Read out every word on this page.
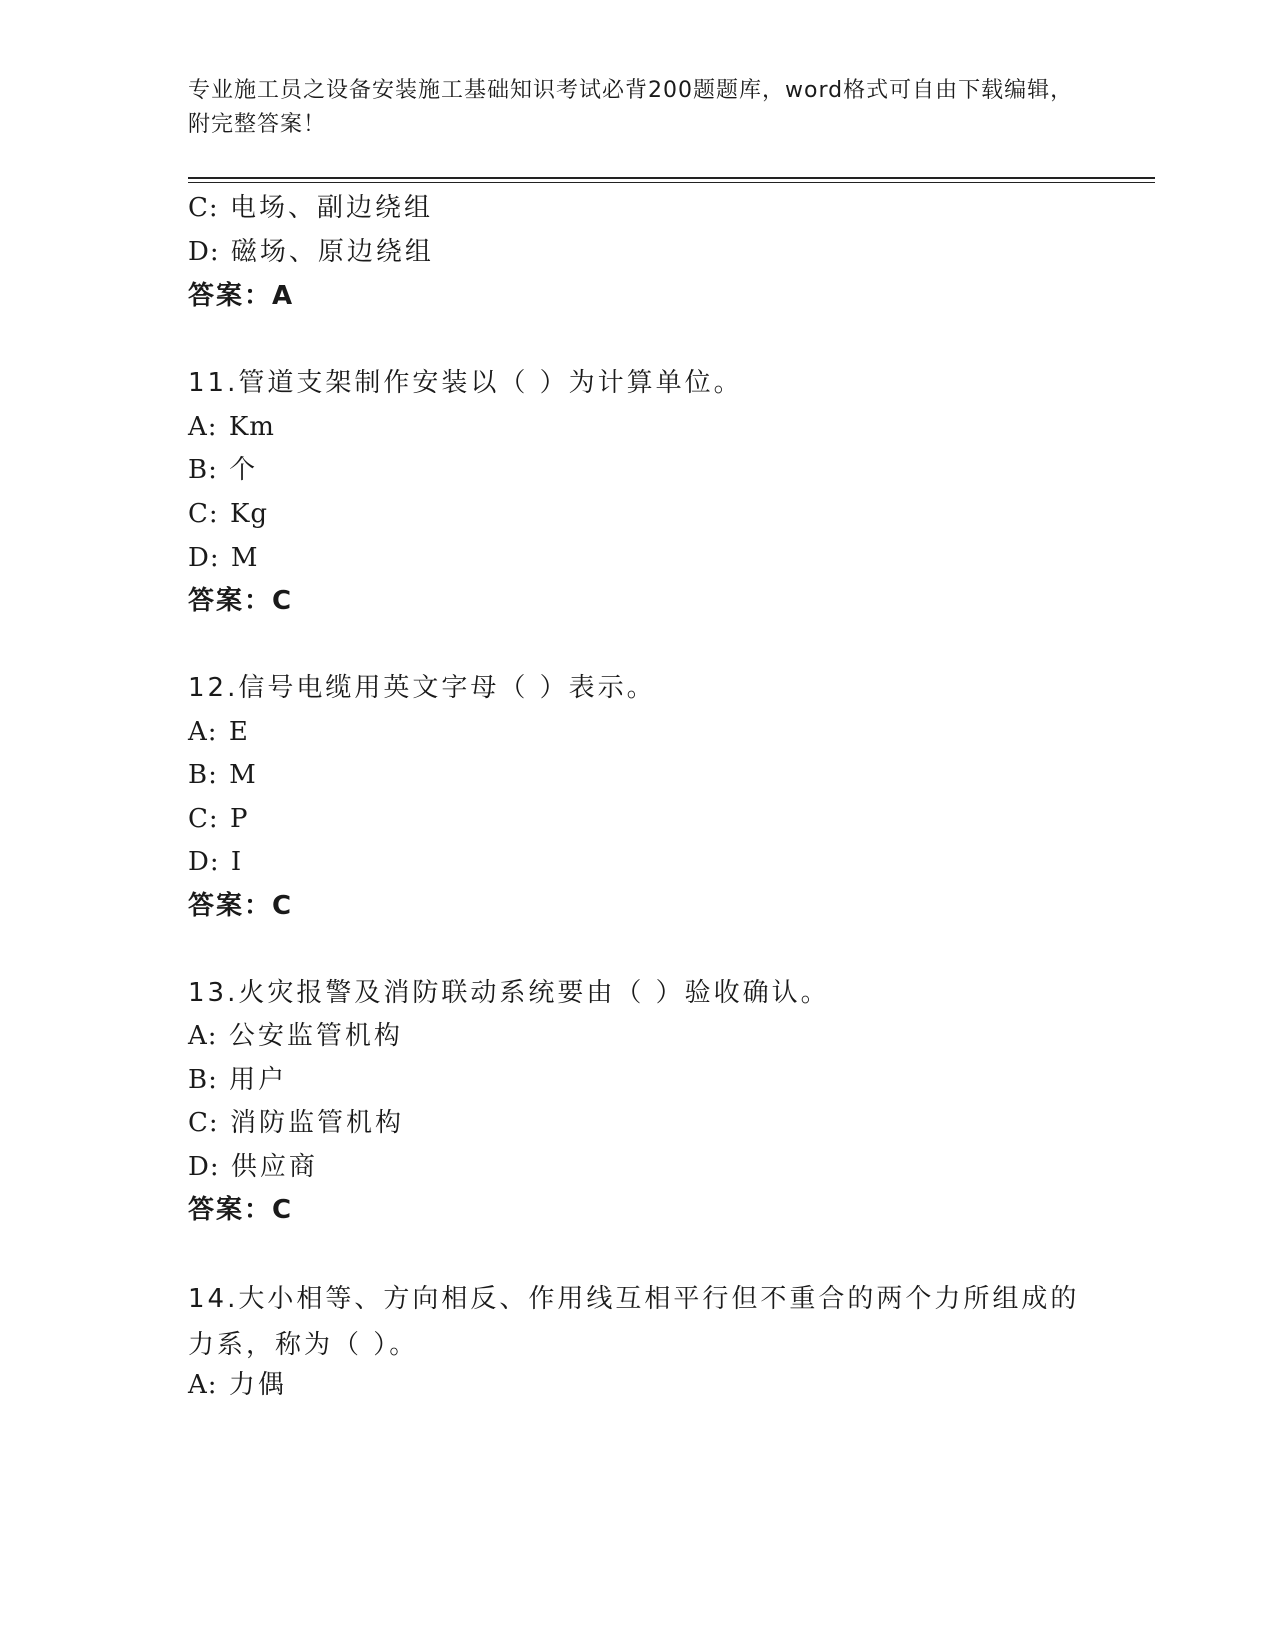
专业施工员之设备安装施工基础知识考试必背200题题库，word格式可自由下载编辑，附完整答案！
C: 电场、副边绕组
D: 磁场、原边绕组
答案：A
11.管道支架制作安装以（ ）为计算单位。
A: Km
B: 个
C: Kg
D: M
答案：C
12.信号电缆用英文字母（ ）表示。
A: E
B: M
C: P
D: I
答案：C
13.火灾报警及消防联动系统要由（ ）验收确认。
A: 公安监管机构
B: 用户
C: 消防监管机构
D: 供应商
答案：C
14.大小相等、方向相反、作用线互相平行但不重合的两个力所组成的力系，称为（ ）。
A: 力偶
